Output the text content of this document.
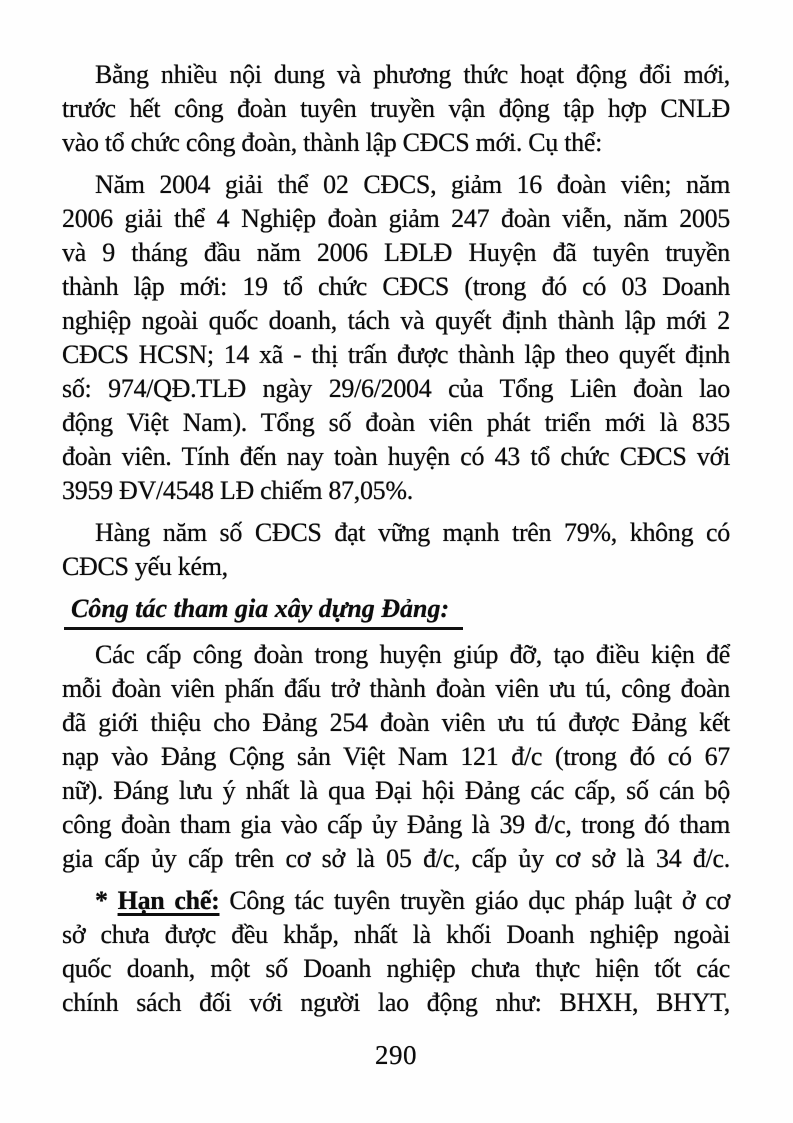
Bằng nhiều nội dung và phương thức hoạt động đổi mới,
trước hết công đoàn tuyên truyền vận động tập hợp CNLĐ
vào tổ chức công đoàn, thành lập CĐCS mới. Cụ thể:
Năm 2004 giải thể 02 CĐCS, giảm 16 đoàn viên; năm
2006 giải thể 4 Nghiệp đoàn giảm 247 đoàn viễn, năm 2005
và 9 tháng đầu năm 2006 LĐLĐ Huyện đã tuyên truyền
thành lập mới: 19 tổ chức CĐCS (trong đó có 03 Doanh
nghiệp ngoài quốc doanh, tách và quyết định thành lập mới 2
CĐCS HCSN; 14 xã - thị trấn được thành lập theo quyết định
số: 974/QĐ.TLĐ ngày 29/6/2004 của Tổng Liên đoàn lao
động Việt Nam). Tổng số đoàn viên phát triển mới là 835
đoàn viên. Tính đến nay toàn huyện có 43 tổ chức CĐCS với
3959 ĐV/4548 LĐ chiếm 87,05%.
Hàng năm số CĐCS đạt vững mạnh trên 79%, không có
CĐCS yếu kém,
Công tác tham gia xây dựng Đảng:
Các cấp công đoàn trong huyện giúp đỡ, tạo điều kiện để
mỗi đoàn viên phấn đấu trở thành đoàn viên ưu tú, công đoàn
đã giới thiệu cho Đảng 254 đoàn viên ưu tú được Đảng kết
nạp vào Đảng Cộng sản Việt Nam 121 đ/c (trong đó có 67
nữ). Đáng lưu ý nhất là qua Đại hội Đảng các cấp, số cán bộ
công đoàn tham gia vào cấp ủy Đảng là 39 đ/c, trong đó tham
gia cấp ủy cấp trên cơ sở là 05 đ/c, cấp ủy cơ sở là 34 đ/c.
* Hạn chế: Công tác tuyên truyền giáo dục pháp luật ở cơ
sở chưa được đều khắp, nhất là khối Doanh nghiệp ngoài
quốc doanh, một số Doanh nghiệp chưa thực hiện tốt các
chính sách đối với người lao động như: BHXH, BHYT,
290
